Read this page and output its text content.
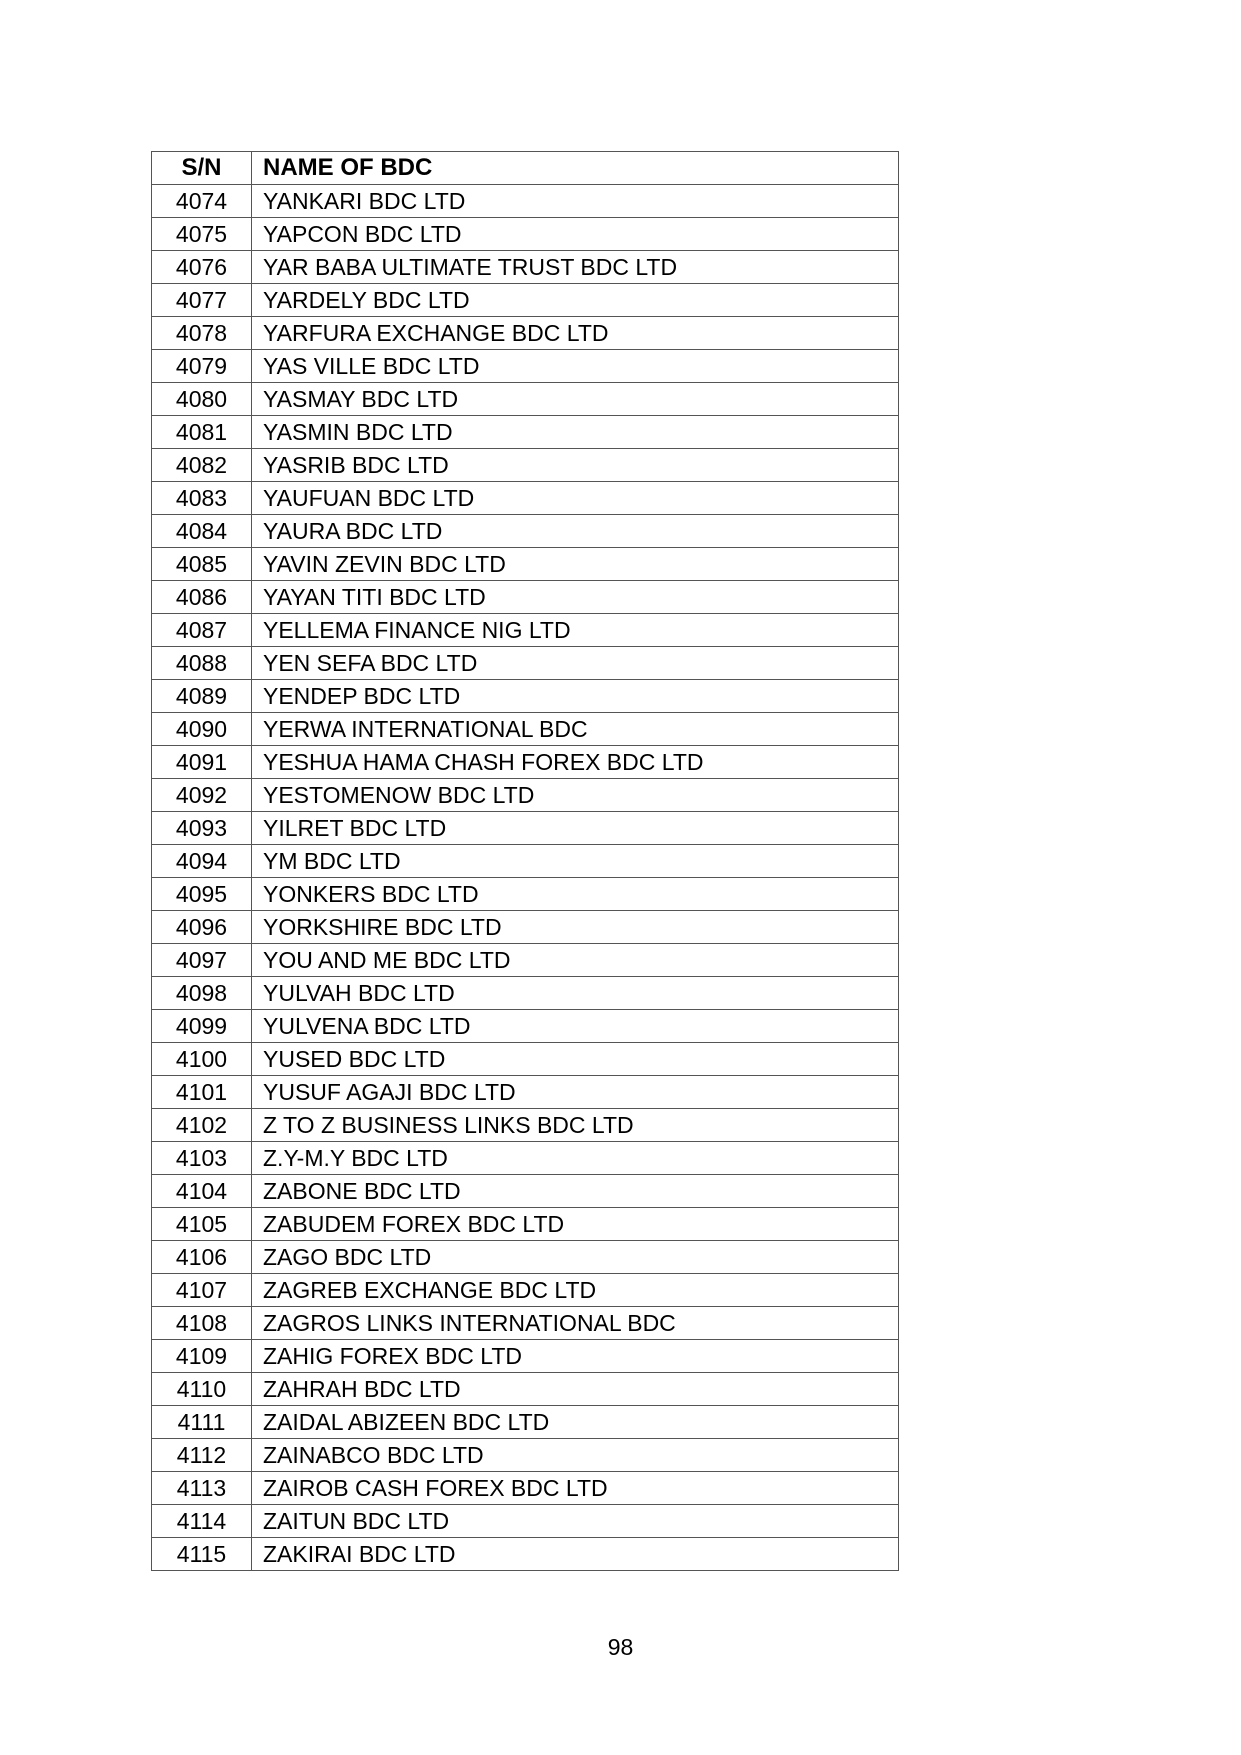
S/N	NAME OF BDC
4074	YANKARI BDC LTD
4075	YAPCON BDC LTD
4076	YAR BABA ULTIMATE TRUST BDC LTD
4077	YARDELY BDC LTD
4078	YARFURA EXCHANGE BDC LTD
4079	YAS VILLE BDC LTD
4080	YASMAY BDC LTD
4081	YASMIN BDC LTD
4082	YASRIB BDC LTD
4083	YAUFUAN BDC LTD
4084	YAURA BDC LTD
4085	YAVIN ZEVIN BDC LTD
4086	YAYAN TITI BDC LTD
4087	YELLEMA FINANCE NIG LTD
4088	YEN SEFA BDC LTD
4089	YENDEP BDC LTD
4090	YERWA INTERNATIONAL BDC
4091	YESHUA HAMA CHASH FOREX BDC LTD
4092	YESTOMENOW BDC LTD
4093	YILRET BDC LTD
4094	YM BDC LTD
4095	YONKERS BDC LTD
4096	YORKSHIRE BDC LTD
4097	YOU AND ME BDC LTD
4098	YULVAH BDC LTD
4099	YULVENA BDC LTD
4100	YUSED BDC LTD
4101	YUSUF AGAJI BDC LTD
4102	Z TO Z BUSINESS LINKS BDC LTD
4103	Z.Y-M.Y BDC LTD
4104	ZABONE BDC LTD
4105	ZABUDEM FOREX BDC LTD
4106	ZAGO BDC LTD
4107	ZAGREB EXCHANGE BDC LTD
4108	ZAGROS LINKS INTERNATIONAL BDC
4109	ZAHIG FOREX BDC LTD
4110	ZAHRAH BDC LTD
4111	ZAIDAL ABIZEEN BDC LTD
4112	ZAINABCO BDC LTD
4113	ZAIROB CASH FOREX BDC LTD
4114	ZAITUN BDC LTD
4115	ZAKIRAI BDC LTD
98
